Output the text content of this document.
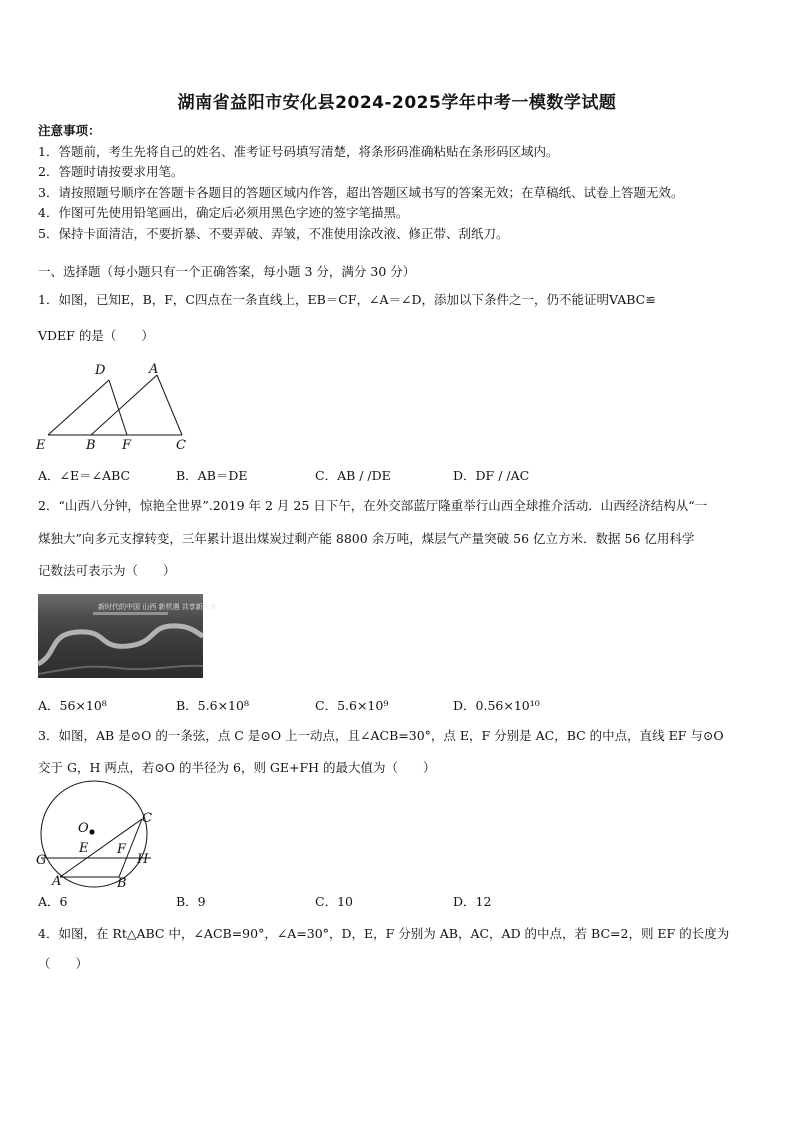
湖南省益阳市安化县2024-2025学年中考一模数学试题
注意事项：
1．答题前，考生先将自己的姓名、准考证号码填写清楚，将条形码准确粘贴在条形码区域内。
2．答题时请按要求用笔。
3．请按照题号顺序在答题卡各题目的答题区域内作答，超出答题区域书写的答案无效；在草稿纸、试卷上答题无效。
4．作图可先使用铅笔画出，确定后必须用黑色字迹的签字笔描黑。
5．保持卡面清洁，不要折暴、不要弄破、弄皱，不准使用涂改液、修正带、刮纸刀。
一、选择题（每小题只有一个正确答案，每小题 3 分，满分 30 分）
1．如图，已知E，B，F，C四点在一条直线上，EB＝CF，∠A＝∠D，添加以下条件之一，仍不能证明VABC≌
VDEF 的是（　　）
D	A
E	B F	C
A．∠E＝∠ABC	B．AB＝DE	C．AB / /DE	D．DF / /AC
2．“山西八分钟，惊艳全世界”.2019 年 2 月 25 日下午，在外交部蓝厅隆重举行山西全球推介活动．山西经济结构从“一
煤独大”向多元支撑转变，三年累计退出煤炭过剩产能 8800 余万吨，煤层气产量突破 56 亿立方米．数据 56 亿用科学
记数法可表示为（　　）
新时代的中国 山西 新机遇 共享新未来
A．56×10⁸	B．5.6×10⁸	C．5.6×10⁹	D．0.56×10¹⁰
3．如图，AB 是⊙O 的一条弦，点 C 是⊙O 上一动点，且∠ACB=30°，点 E，F 分别是 AC，BC 的中点，直线 EF 与⊙O
交于 G，H 两点，若⊙O 的半径为 6，则 GE+FH 的最大值为（　　）
O
C
E F
G	H
A	B
A．6	B．9	C．10	D．12
4．如图，在 Rt△ABC 中，∠ACB=90°，∠A=30°，D，E，F 分别为 AB，AC，AD 的中点，若 BC=2，则 EF 的长度为
（　　）
